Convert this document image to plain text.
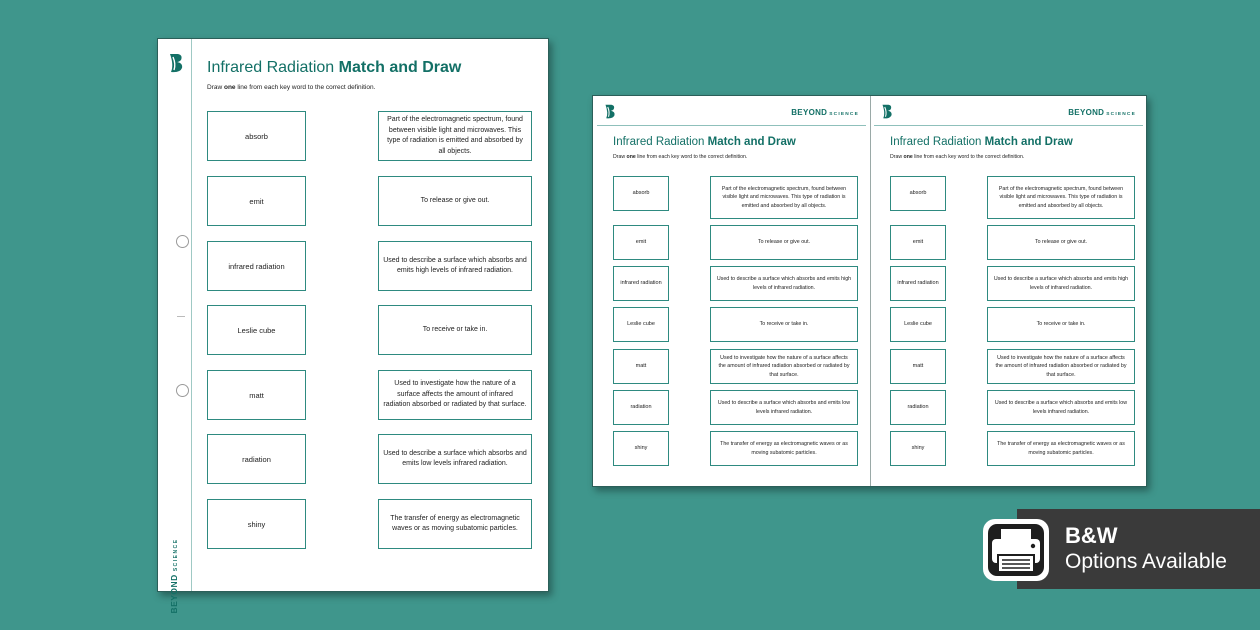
BEYONDSCIENCE
Infrared Radiation Match and Draw
Draw one line from each key word to the correct definition.
absorb
emit
infrared radiation
Leslie cube
matt
radiation
shiny
Part of the electromagnetic spectrum, found between visible light and microwaves. This type of radiation is emitted and absorbed by all objects.
To release or give out.
Used to describe a surface which absorbs and emits high levels of infrared radiation.
To receive or take in.
Used to investigate how the nature of a surface affects the amount of infrared radiation absorbed or radiated by that surface.
Used to describe a surface which absorbs and emits low levels infrared radiation.
The transfer of energy as electromagnetic waves or as moving subatomic particles.
BEYOND SCIENCE
Infrared Radiation Match and Draw
Draw one line from each key word to the correct definition.
absorb
emit
infrared radiation
Leslie cube
matt
radiation
shiny
Part of the electromagnetic spectrum, found between visible light and microwaves. This type of radiation is emitted and absorbed by all objects.
To release or give out.
Used to describe a surface which absorbs and emits high levels of infrared radiation.
To receive or take in.
Used to investigate how the nature of a surface affects the amount of infrared radiation absorbed or radiated by that surface.
Used to describe a surface which absorbs and emits low levels infrared radiation.
The transfer of energy as electromagnetic waves or as moving subatomic particles.
BEYOND SCIENCE
Infrared Radiation Match and Draw
Draw one line from each key word to the correct definition.
absorb
emit
infrared radiation
Leslie cube
matt
radiation
shiny
Part of the electromagnetic spectrum, found between visible light and microwaves. This type of radiation is emitted and absorbed by all objects.
To release or give out.
Used to describe a surface which absorbs and emits high levels of infrared radiation.
To receive or take in.
Used to investigate how the nature of a surface affects the amount of infrared radiation absorbed or radiated by that surface.
Used to describe a surface which absorbs and emits low levels infrared radiation.
The transfer of energy as electromagnetic waves or as moving subatomic particles.
B&W
Options Available
